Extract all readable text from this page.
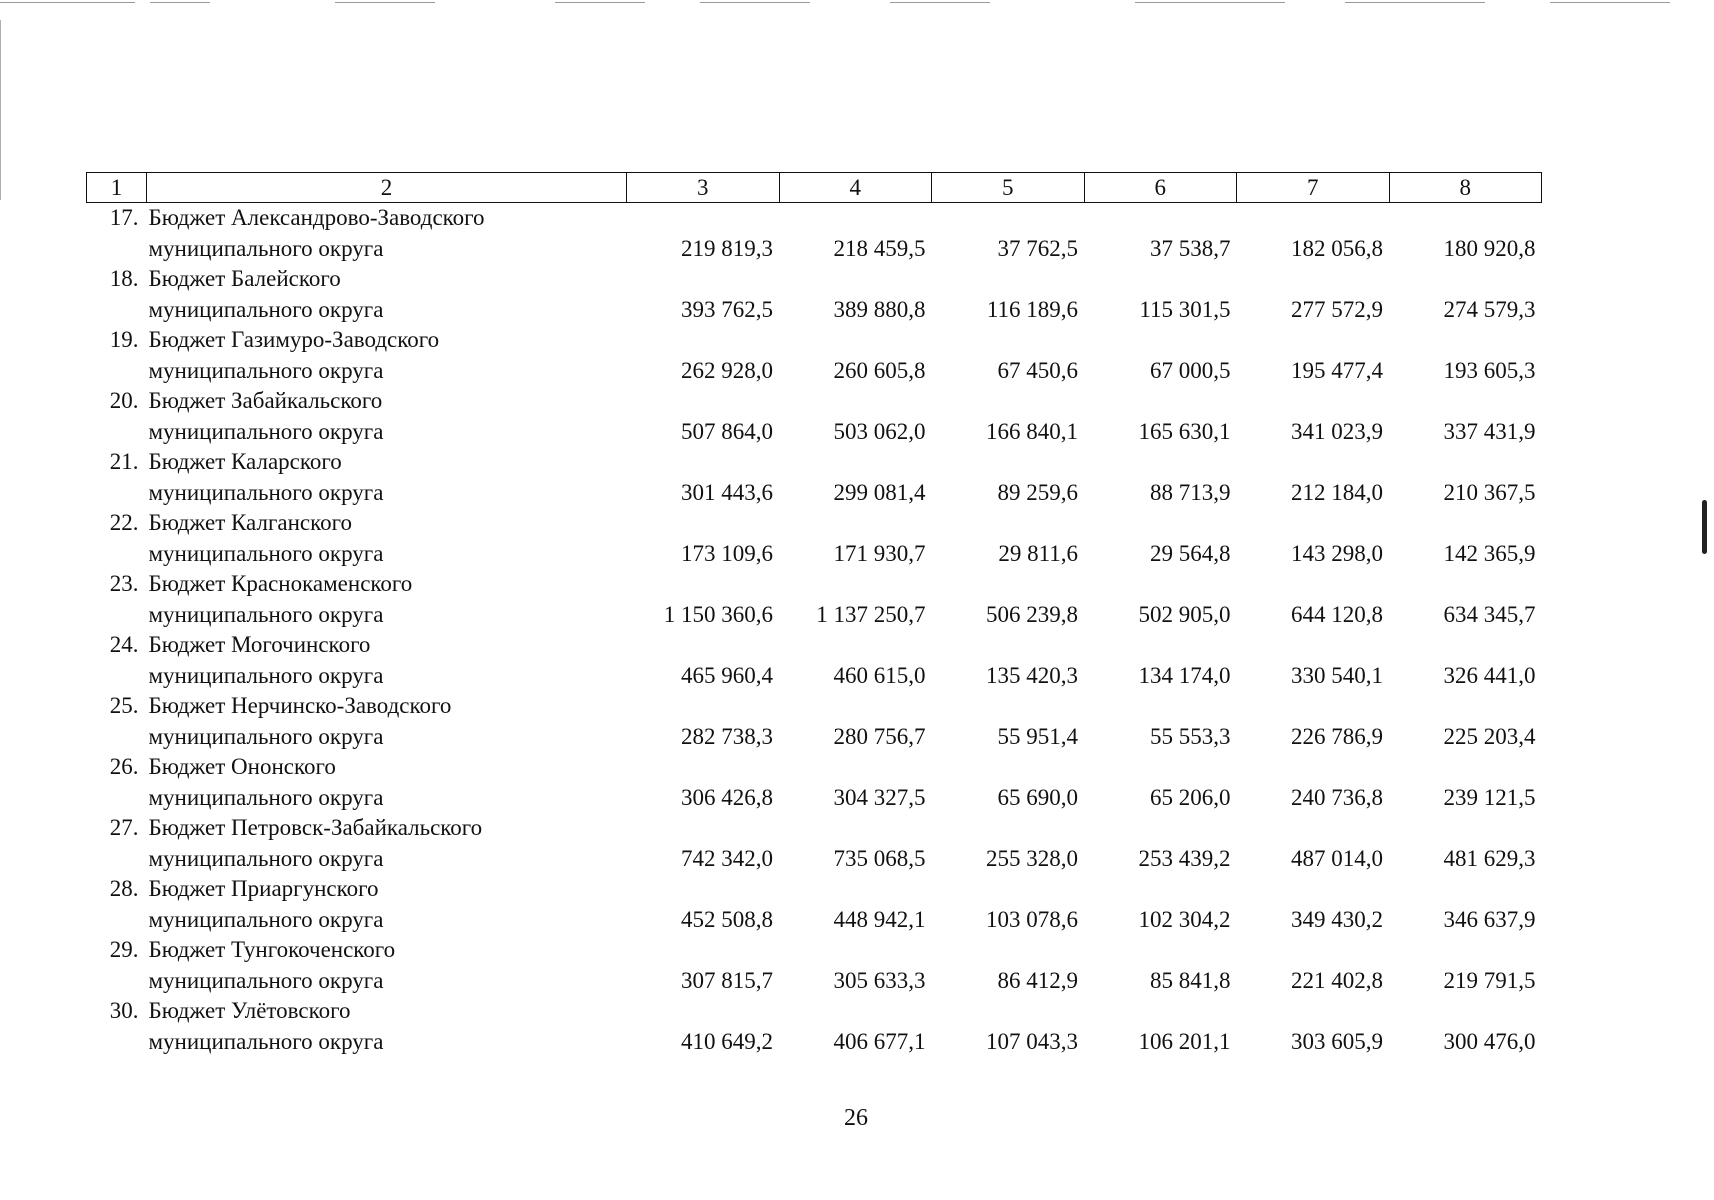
1	2	3	4	5	6	7	8
17.	Бюджет Александрово-Заводского						
	муниципального округа	219 819,3	218 459,5	37 762,5	37 538,7	182 056,8	180 920,8
18.	Бюджет Балейского						
	муниципального округа	393 762,5	389 880,8	116 189,6	115 301,5	277 572,9	274 579,3
19.	Бюджет Газимуро-Заводского						
	муниципального округа	262 928,0	260 605,8	67 450,6	67 000,5	195 477,4	193 605,3
20.	Бюджет Забайкальского						
	муниципального округа	507 864,0	503 062,0	166 840,1	165 630,1	341 023,9	337 431,9
21.	Бюджет Каларского						
	муниципального округа	301 443,6	299 081,4	89 259,6	88 713,9	212 184,0	210 367,5
22.	Бюджет Калганского						
	муниципального округа	173 109,6	171 930,7	29 811,6	29 564,8	143 298,0	142 365,9
23.	Бюджет Краснокаменского						
	муниципального округа	1 150 360,6	1 137 250,7	506 239,8	502 905,0	644 120,8	634 345,7
24.	Бюджет Могочинского						
	муниципального округа	465 960,4	460 615,0	135 420,3	134 174,0	330 540,1	326 441,0
25.	Бюджет Нерчинско-Заводского						
	муниципального округа	282 738,3	280 756,7	55 951,4	55 553,3	226 786,9	225 203,4
26.	Бюджет Ононского						
	муниципального округа	306 426,8	304 327,5	65 690,0	65 206,0	240 736,8	239 121,5
27.	Бюджет Петровск-Забайкальского						
	муниципального округа	742 342,0	735 068,5	255 328,0	253 439,2	487 014,0	481 629,3
28.	Бюджет Приаргунского						
	муниципального округа	452 508,8	448 942,1	103 078,6	102 304,2	349 430,2	346 637,9
29.	Бюджет Тунгокоченского						
	муниципального округа	307 815,7	305 633,3	86 412,9	85 841,8	221 402,8	219 791,5
30.	Бюджет Улётовского						
	муниципального округа	410 649,2	406 677,1	107 043,3	106 201,1	303 605,9	300 476,0
26
